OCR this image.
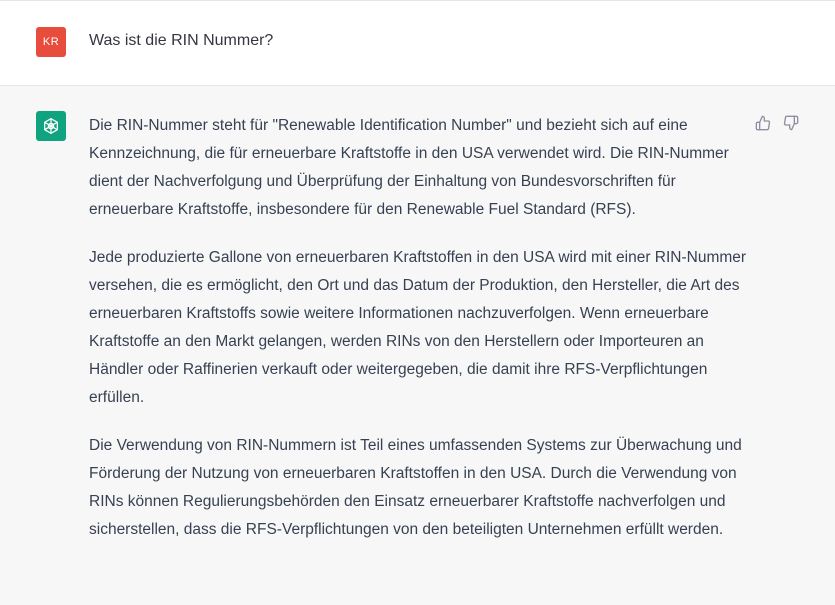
KR	Was ist die RIN Nummer?

Die RIN-Nummer steht für "Renewable Identification Number" und bezieht sich auf eine Kennzeichnung, die für erneuerbare Kraftstoffe in den USA verwendet wird. Die RIN-Nummer dient der Nachverfolgung und Überprüfung der Einhaltung von Bundesvorschriften für erneuerbare Kraftstoffe, insbesondere für den Renewable Fuel Standard (RFS).

Jede produzierte Gallone von erneuerbaren Kraftstoffen in den USA wird mit einer RIN-Nummer versehen, die es ermöglicht, den Ort und das Datum der Produktion, den Hersteller, die Art des erneuerbaren Kraftstoffs sowie weitere Informationen nachzuverfolgen. Wenn erneuerbare Kraftstoffe an den Markt gelangen, werden RINs von den Herstellern oder Importeuren an Händler oder Raffinerien verkauft oder weitergegeben, die damit ihre RFS-Verpflichtungen erfüllen.

Die Verwendung von RIN-Nummern ist Teil eines umfassenden Systems zur Überwachung und Förderung der Nutzung von erneuerbaren Kraftstoffen in den USA. Durch die Verwendung von RINs können Regulierungsbehörden den Einsatz erneuerbarer Kraftstoffe nachverfolgen und sicherstellen, dass die RFS-Verpflichtungen von den beteiligten Unternehmen erfüllt werden.
